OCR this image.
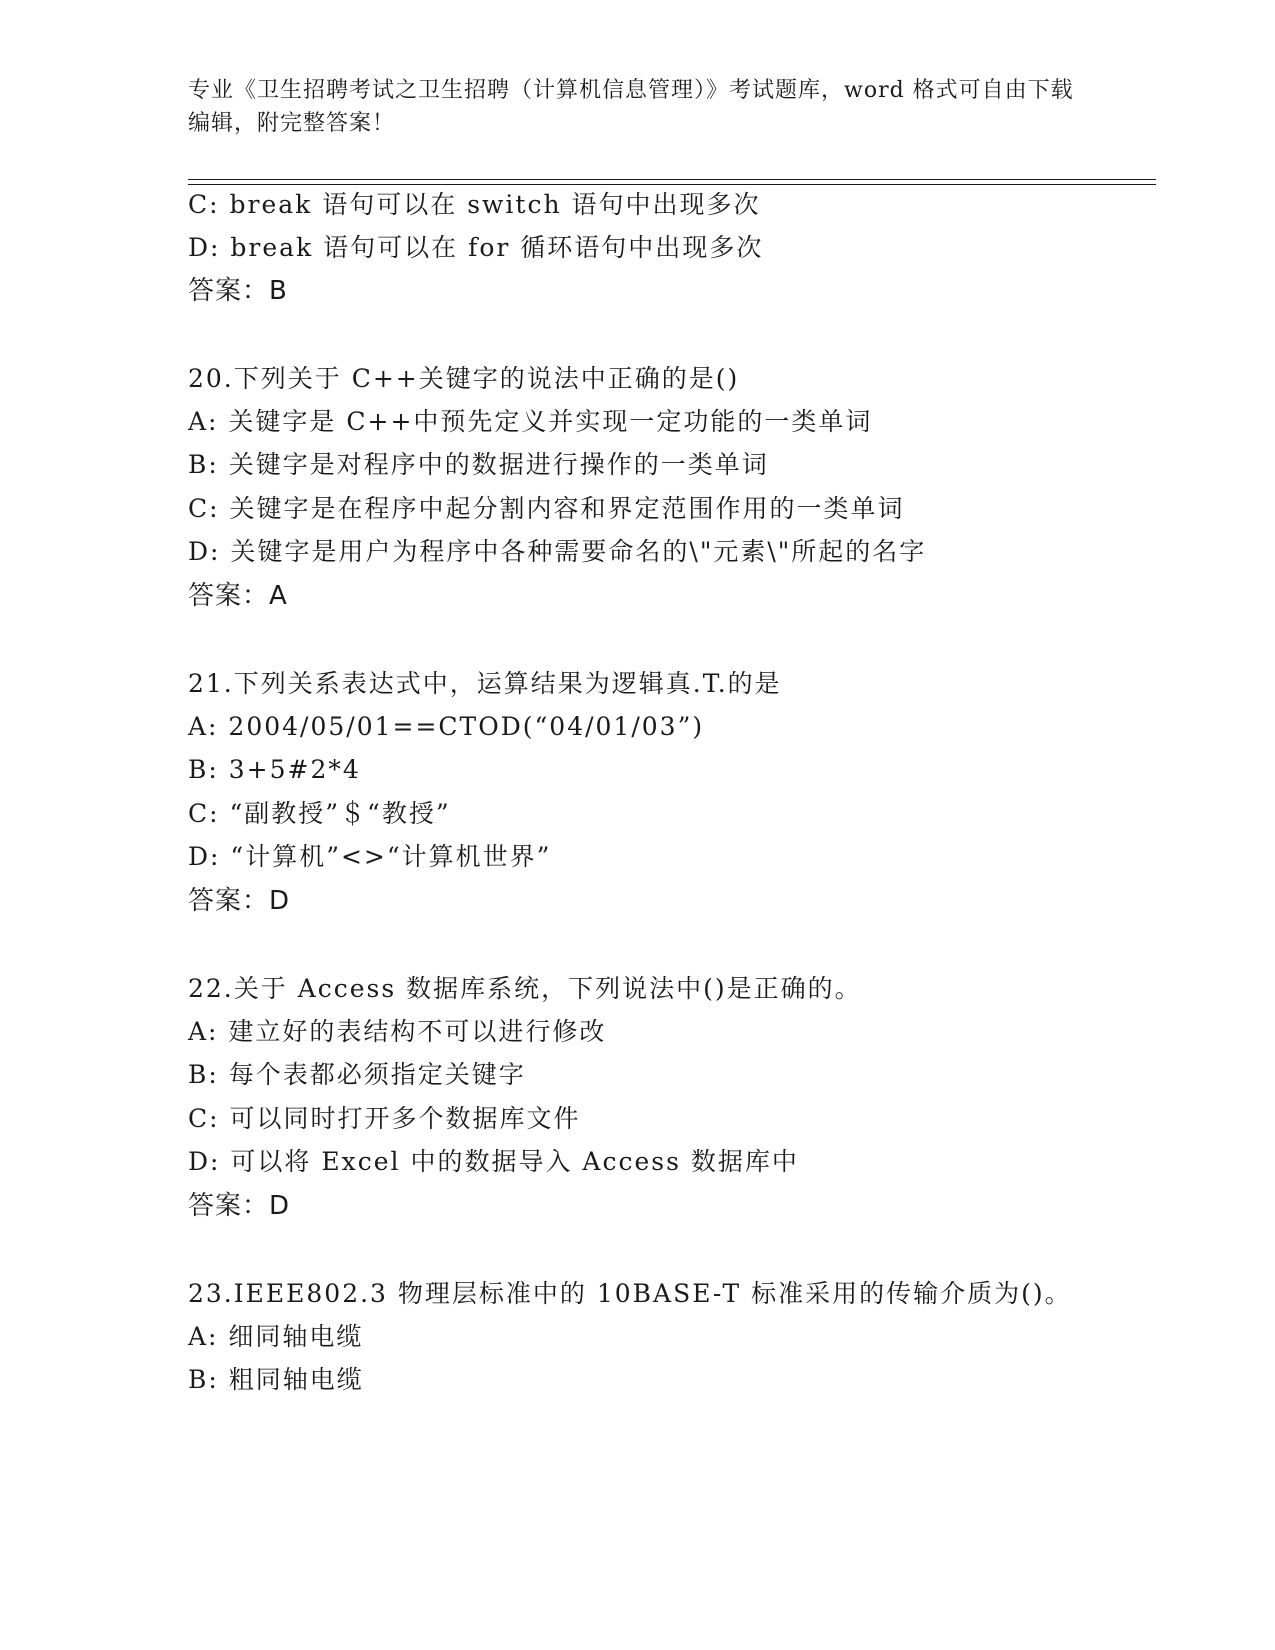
专业《卫生招聘考试之卫生招聘（计算机信息管理）》考试题库，word 格式可自由下载编辑，附完整答案！

C: break 语句可以在 switch 语句中出现多次

D: break 语句可以在 for 循环语句中出现多次

答案：B

20.下列关于 C++关键字的说法中正确的是()

A: 关键字是 C++中预先定义并实现一定功能的一类单词

B: 关键字是对程序中的数据进行操作的一类单词

C: 关键字是在程序中起分割内容和界定范围作用的一类单词

D: 关键字是用户为程序中各种需要命名的\"元素\"所起的名字

答案：A

21.下列关系表达式中，运算结果为逻辑真.T.的是

A: 2004/05/01==CTOD(“04/01/03”)

B: 3+5#2*4

C: “副教授”＄“教授”

D: “计算机”<>“计算机世界”

答案：D

22.关于 Access 数据库系统，下列说法中()是正确的。

A: 建立好的表结构不可以进行修改

B: 每个表都必须指定关键字

C: 可以同时打开多个数据库文件

D: 可以将 Excel 中的数据导入 Access 数据库中

答案：D

23.IEEE802.3 物理层标准中的 10BASE-T 标准采用的传输介质为()。

A: 细同轴电缆

B: 粗同轴电缆
